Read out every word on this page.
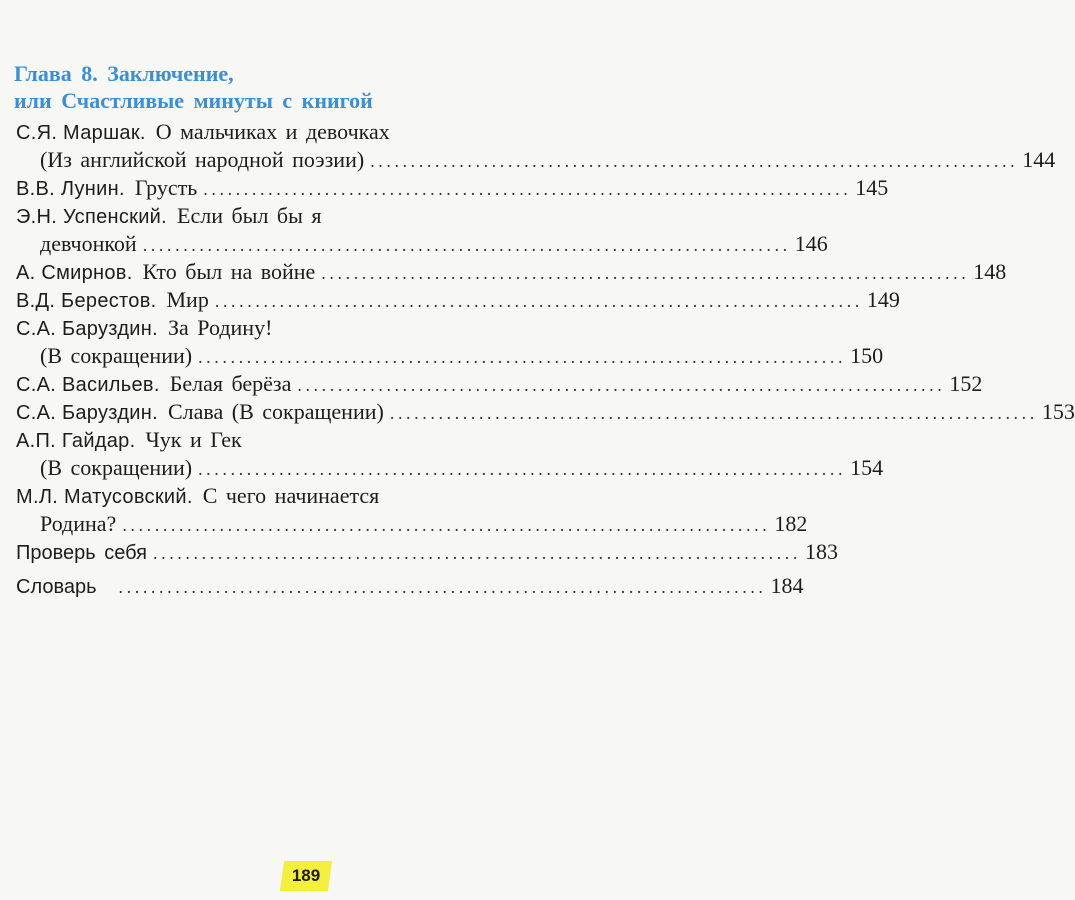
Глава 8. Заключение,
или Счастливые минуты с книгой
С.Я. Маршак. О мальчиках и девочках
(Из английской народной поэзии) ................................................................................ 144
В.В. Лунин. Грусть ................................................................................ 145
Э.Н. Успенский. Если был бы я
девчонкой ................................................................................ 146
А. Смирнов. Кто был на войне ................................................................................ 148
В.Д. Берестов. Мир ................................................................................ 149
С.А. Баруздин. За Родину!
(В сокращении) ................................................................................ 150
С.А. Васильев. Белая берёза ................................................................................ 152
С.А. Баруздин. Слава (В сокращении) ................................................................................ 153
А.П. Гайдар. Чук и Гек
(В сокращении) ................................................................................ 154
М.Л. Матусовский. С чего начинается
Родина? ................................................................................ 182
Проверь себя ................................................................................ 183
Словарь ................................................................................ 184
189
